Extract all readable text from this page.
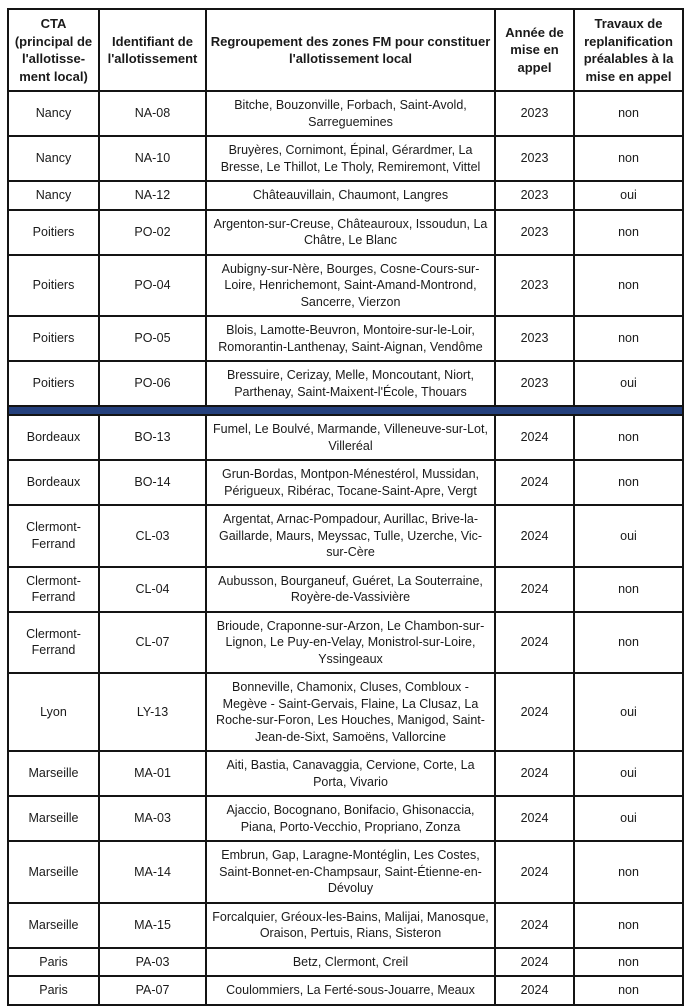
CTA (principal de l'allotisse- ment local)	Identifiant de l'allotissement	Regroupement des zones FM pour constituer l'allotissement local	Année de mise en appel	Travaux de replanification préalables à la mise en appel
Nancy	NA-08	Bitche, Bouzonville, Forbach, Saint-Avold, Sarreguemines	2023	non
Nancy	NA-10	Bruyères, Cornimont, Épinal, Gérardmer, La Bresse, Le Thillot, Le Tholy, Remiremont, Vittel	2023	non
Nancy	NA-12	Châteauvillain, Chaumont, Langres	2023	oui
Poitiers	PO-02	Argenton-sur-Creuse, Châteauroux, Issoudun, La Châtre, Le Blanc	2023	non
Poitiers	PO-04	Aubigny-sur-Nère, Bourges, Cosne-Cours-sur-Loire, Henrichemont, Saint-Amand-Montrond, Sancerre, Vierzon	2023	non
Poitiers	PO-05	Blois, Lamotte-Beuvron, Montoire-sur-le-Loir, Romorantin-Lanthenay, Saint-Aignan, Vendôme	2023	non
Poitiers	PO-06	Bressuire, Cerizay, Melle, Moncoutant, Niort, Parthenay, Saint-Maixent-l'École, Thouars	2023	oui

Bordeaux	BO-13	Fumel, Le Boulvé, Marmande, Villeneuve-sur-Lot, Villeréal	2024	non
Bordeaux	BO-14	Grun-Bordas, Montpon-Ménestérol, Mussidan, Périgueux, Ribérac, Tocane-Saint-Apre, Vergt	2024	non
Clermont-Ferrand	CL-03	Argentat, Arnac-Pompadour, Aurillac, Brive-la-Gaillarde, Maurs, Meyssac, Tulle, Uzerche, Vic-sur-Cère	2024	oui
Clermont-Ferrand	CL-04	Aubusson, Bourganeuf, Guéret, La Souterraine, Royère-de-Vassivière	2024	non
Clermont-Ferrand	CL-07	Brioude, Craponne-sur-Arzon, Le Chambon-sur-Lignon, Le Puy-en-Velay, Monistrol-sur-Loire, Yssingeaux	2024	non
Lyon	LY-13	Bonneville, Chamonix, Cluses, Combloux - Megève - Saint-Gervais, Flaine, La Clusaz, La Roche-sur-Foron, Les Houches, Manigod, Saint-Jean-de-Sixt, Samoëns, Vallorcine	2024	oui
Marseille	MA-01	Aiti, Bastia, Canavaggia, Cervione, Corte, La Porta, Vivario	2024	oui
Marseille	MA-03	Ajaccio, Bocognano, Bonifacio, Ghisonaccia, Piana, Porto-Vecchio, Propriano, Zonza	2024	oui
Marseille	MA-14	Embrun, Gap, Laragne-Montéglin, Les Costes, Saint-Bonnet-en-Champsaur, Saint-Étienne-en-Dévoluy	2024	non
Marseille	MA-15	Forcalquier, Gréoux-les-Bains, Malijai, Manosque, Oraison, Pertuis, Rians, Sisteron	2024	non
Paris	PA-03	Betz, Clermont, Creil	2024	non
Paris	PA-07	Coulommiers, La Ferté-sous-Jouarre, Meaux	2024	non
